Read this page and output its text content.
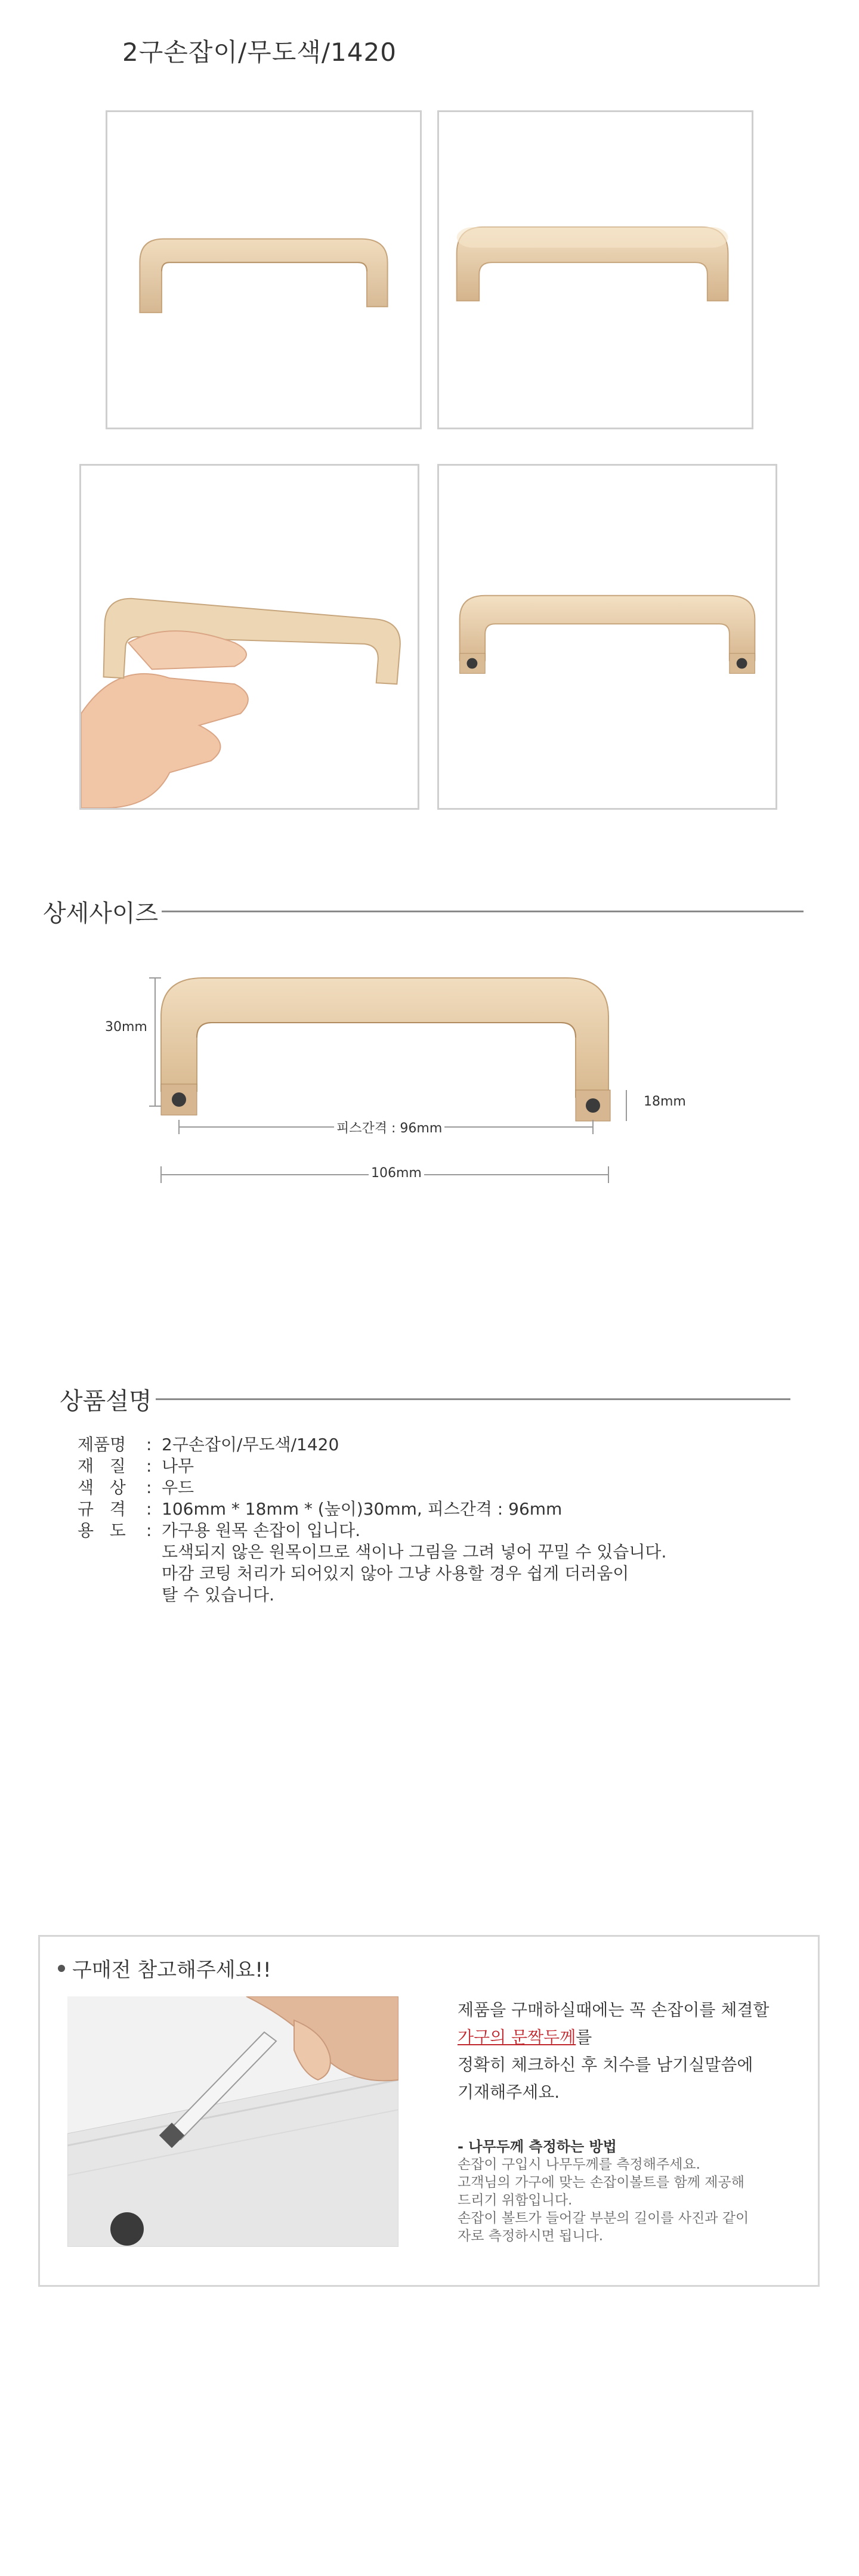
2구손잡이/무도색/1420
상세사이즈
30mm
18mm
피스간격 : 96mm
106mm
상품설명
제품명	: 2구손잡이/무도색/1420
재   질	: 나무
색   상	: 우드
규   격	: 106mm * 18mm * (높이)30mm, 피스간격 : 96mm
용   도	: 가구용 원목 손잡이 입니다.
도색되지 않은 원목이므로 색이나 그림을 그려 넣어 꾸밀 수 있습니다.
마감 코팅 처리가 되어있지 않아 그냥 사용할 경우 쉽게 더러움이
탈 수 있습니다.
구매전 참고해주세요!!
제품을 구매하실때에는 꼭 손잡이를 체결할
가구의 문짝두께를
정확히 체크하신 후 치수를 남기실말씀에
기재해주세요.
- 나무두께 측정하는 방법
손잡이 구입시 나무두께를 측정해주세요.
고객님의 가구에 맞는 손잡이볼트를 함께 제공해
드리기 위함입니다.
손잡이 볼트가 들어갈 부분의 길이를 사진과 같이
자로 측정하시면 됩니다.
